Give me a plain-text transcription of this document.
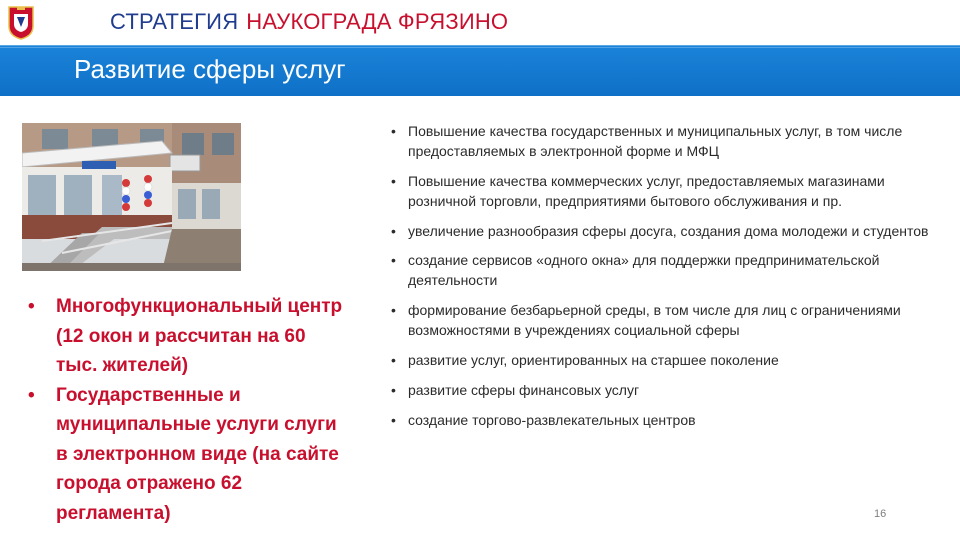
СТРАТЕГИЯ НАУКОГРАДА ФРЯЗИНО
Развитие сферы услуг
• Многофункциональный центр (12 окон и рассчитан на 60 тыс. жителей)
• Государственные и муниципальные услуги слуги в электронном виде (на сайте города отражено 62 регламента)
• Повышение качества государственных и муниципальных услуг, в том числе предоставляемых в электронной форме и МФЦ
• Повышение качества коммерческих услуг, предоставляемых магазинами розничной торговли, предприятиями бытового обслуживания и пр.
• увеличение разнообразия сферы досуга, создания дома молодежи и студентов
• создание сервисов «одного окна» для поддержки предпринимательской деятельности
• формирование безбарьерной среды, в том числе для лиц с ограничениями возможностями в учреждениях социальной сферы
• развитие услуг, ориентированных на старшее поколение
• развитие сферы финансовых услуг
• создание торгово-развлекательных центров
16
